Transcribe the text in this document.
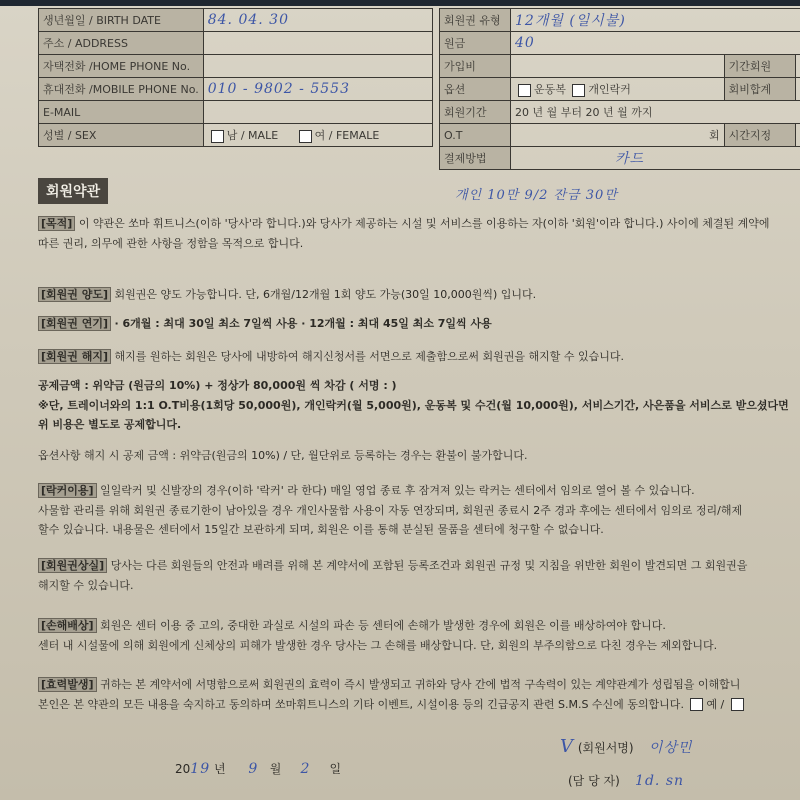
생년월일 / BIRTH DATE	84. 04. 30
주소 / ADDRESS	
자택전화 /HOME PHONE No.	
휴대전화 /MOBILE PHONE No.	010 - 9802 - 5553
E-MAIL	
성별 / SEX	남 / MALE 여 / FEMALE
회원권 유형	12개월 (일시불)		
원금	40		
가입비		기간회원	
옵션	운동복 개인락커	회비합계	
회원기간	20 년 월 부터 20 년 월 까지		
O.T	회	시간지정	
결제방법	카드		
개인 10만 9/2 잔금 30만
회원약관
[목적] 이 약관은 쏘마 휘트니스(이하 '당사'라 합니다.)와 당사가 제공하는 시설 및 서비스를 이용하는 자(이하 '회원'이라 합니다.) 사이에 체결된 계약에
따른 권리, 의무에 관한 사항을 정함을 목적으로 합니다.
[회원권 양도] 회원권은 양도 가능합니다. 단, 6개월/12개월 1회 양도 가능(30일 10,000원씩) 입니다.
[회원권 연기] · 6개월 : 최대 30일 최소 7일씩 사용 · 12개월 : 최대 45일 최소 7일씩 사용
[회원권 해지] 해지를 원하는 회원은 당사에 내방하여 해지신청서를 서면으로 제출함으로써 회원권을 해지할 수 있습니다.
공제금액 : 위약금 (원금의 10%) + 정상가 80,000원 씩 차감 ( 서명 : )
※단, 트레이너와의 1:1 O.T비용(1회당 50,000원), 개인락커(월 5,000원), 운동복 및 수건(월 10,000원), 서비스기간, 사은품을 서비스로 받으셨다면
위 비용은 별도로 공제합니다.
옵션사항 해지 시 공제 금액 : 위약금(원금의 10%) / 단, 월단위로 등록하는 경우는 환불이 불가합니다.
[락커이용] 일일락커 및 신발장의 경우(이하 '락커' 라 한다) 매일 영업 종료 후 잠겨져 있는 락커는 센터에서 임의로 열어 볼 수 있습니다.
사물함 관리를 위해 회원권 종료기한이 남아있을 경우 개인사물함 사용이 자동 연장되며, 회원권 종료시 2주 경과 후에는 센터에서 임의로 정리/해제
할수 있습니다. 내용물은 센터에서 15일간 보관하게 되며, 회원은 이를 통해 분실된 물품을 센터에 청구할 수 없습니다.
[회원권상실] 당사는 다른 회원들의 안전과 배려를 위해 본 계약서에 포함된 등록조건과 회원권 규정 및 지침을 위반한 회원이 발견되면 그 회원권을
해지할 수 있습니다.
[손해배상] 회원은 센터 이용 중 고의, 중대한 과실로 시설의 파손 등 센터에 손해가 발생한 경우에 회원은 이를 배상하여야 합니다.
센터 내 시설물에 의해 회원에게 신체상의 피해가 발생한 경우 당사는 그 손해를 배상합니다. 단, 회원의 부주의함으로 다친 경우는 제외합니다.
[효력발생] 귀하는 본 계약서에 서명함으로써 회원권의 효력이 즉시 발생되고 귀하와 당사 간에 법적 구속력이 있는 계약관계가 성립됨을 이해합니
본인은 본 약관의 모든 내용을 숙지하고 동의하며 쏘마휘트니스의 기타 이벤트, 시설이용 등의 긴급공지 관련 S.M.S 수신에 동의합니다. 예 /
2019 년 9 월 2 일
V (회원서명) 이상민
(담 당 자) 1d. sn
